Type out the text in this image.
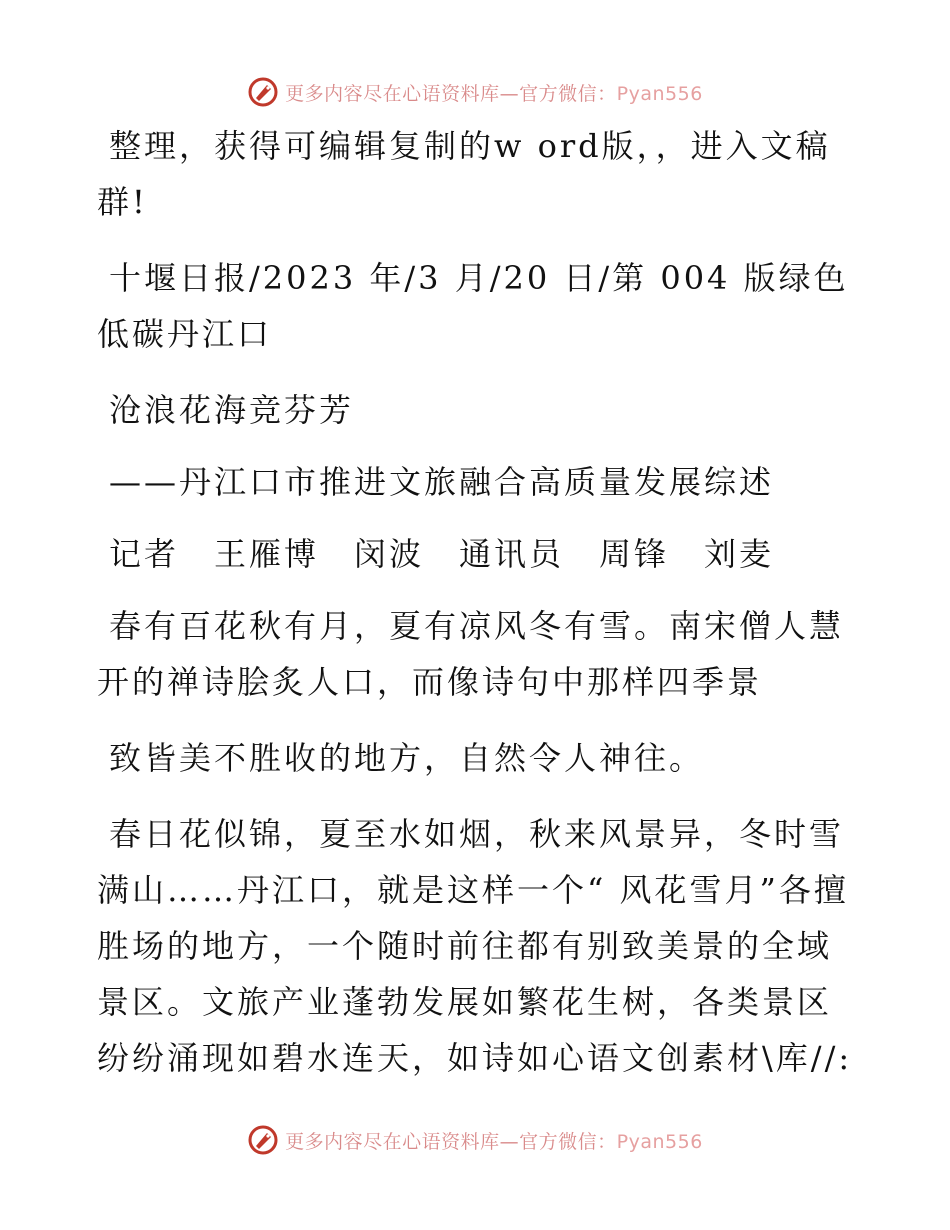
更多内容尽在心语资料库—官方微信：Pyan556

整理，获得可编辑复制的w ord版，，进入文稿群!

十堰日报/2023 年/3 月/20 日/第 004 版绿色低碳丹江口

沧浪花海竞芬芳

——丹江口市推进文旅融合高质量发展综述

记者　王雁博　闵波　通讯员　周锋　刘麦

春有百花秋有月，夏有凉风冬有雪。南宋僧人慧开的禅诗脍炙人口，而像诗句中那样四季景

致皆美不胜收的地方，自然令人神往。

春日花似锦，夏至水如烟，秋来风景异，冬时雪满山……丹江口，就是这样一个“ 风花雪月”各擅胜场的地方，一个随时前往都有别致美景的全域景区。文旅产业蓬勃发展如繁花生树，各类景区纷纷涌现如碧水连天，如诗如心语文创素材\库//:

更多内容尽在心语资料库—官方微信：Pyan556
